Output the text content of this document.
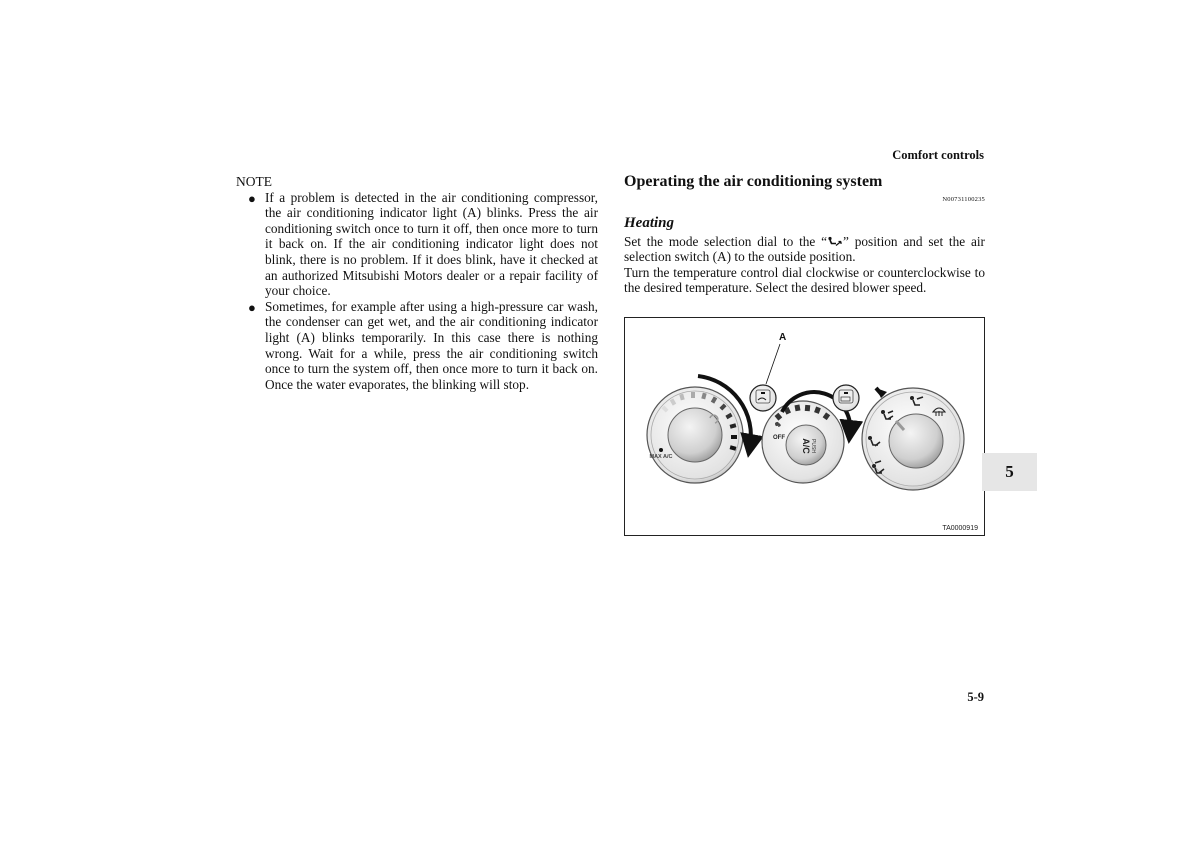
Comfort controls
NOTE
● If a problem is detected in the air conditioning compressor, the air conditioning indicator light (A) blinks. Press the air conditioning switch once to turn it off, then once more to turn it back on. If the air conditioning indicator light does not blink, there is no problem. If it does blink, have it checked at an authorized Mitsubishi Motors dealer or a repair facility of your choice.
● Sometimes, for example after using a high-pressure car wash, the condenser can get wet, and the air conditioning indicator light (A) blinks temporarily. In this case there is nothing wrong. Wait for a while, press the air conditioning switch once to turn the system off, then once more to turn it back on. Once the water evaporates, the blinking will stop.
Operating the air conditioning system
N00731100235
Heating

Set the mode selection dial to the “ ” position and set the air selection switch (A) to the outside position.

Turn the temperature control dial clockwise or counterclockwise to the desired temperature. Select the desired blower speed.

MAX A/C
A
A/C PUSH
OFF
TA0000919
5
5-9
